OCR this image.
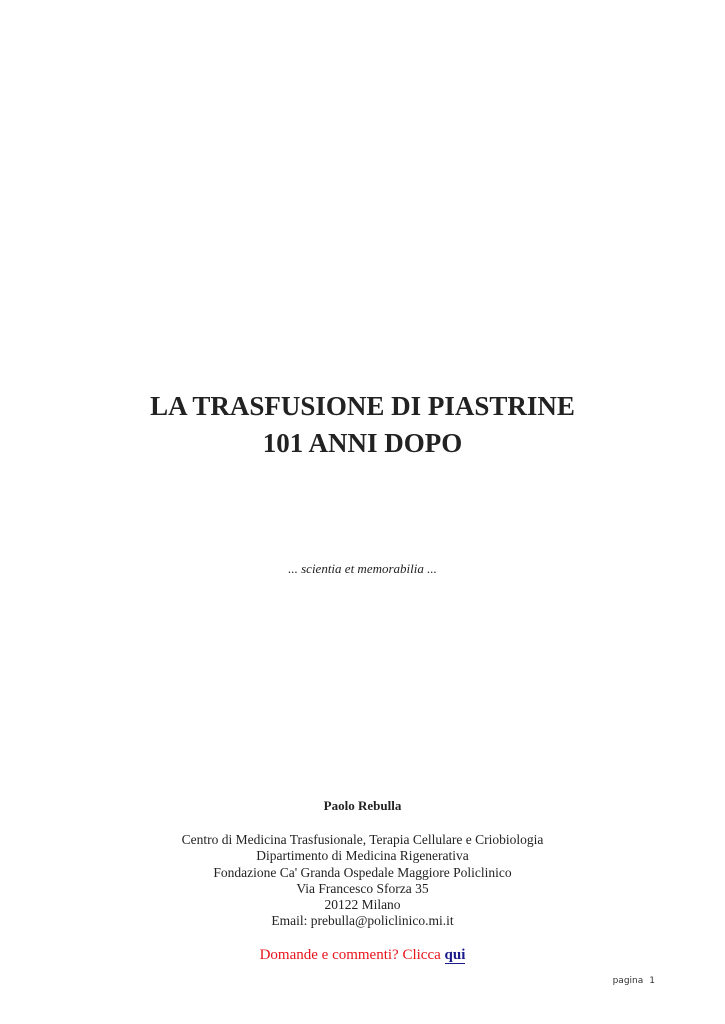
LA TRASFUSIONE DI PIASTRINE
101 ANNI DOPO
... scientia et memorabilia ...
Paolo Rebulla
Centro di Medicina Trasfusionale, Terapia Cellulare e Criobiologia
Dipartimento di Medicina Rigenerativa
Fondazione Ca' Granda Ospedale Maggiore Policlinico
Via Francesco Sforza 35
20122 Milano
Email: prebulla@policlinico.mi.it
Domande e commenti? Clicca qui
pagina 1
